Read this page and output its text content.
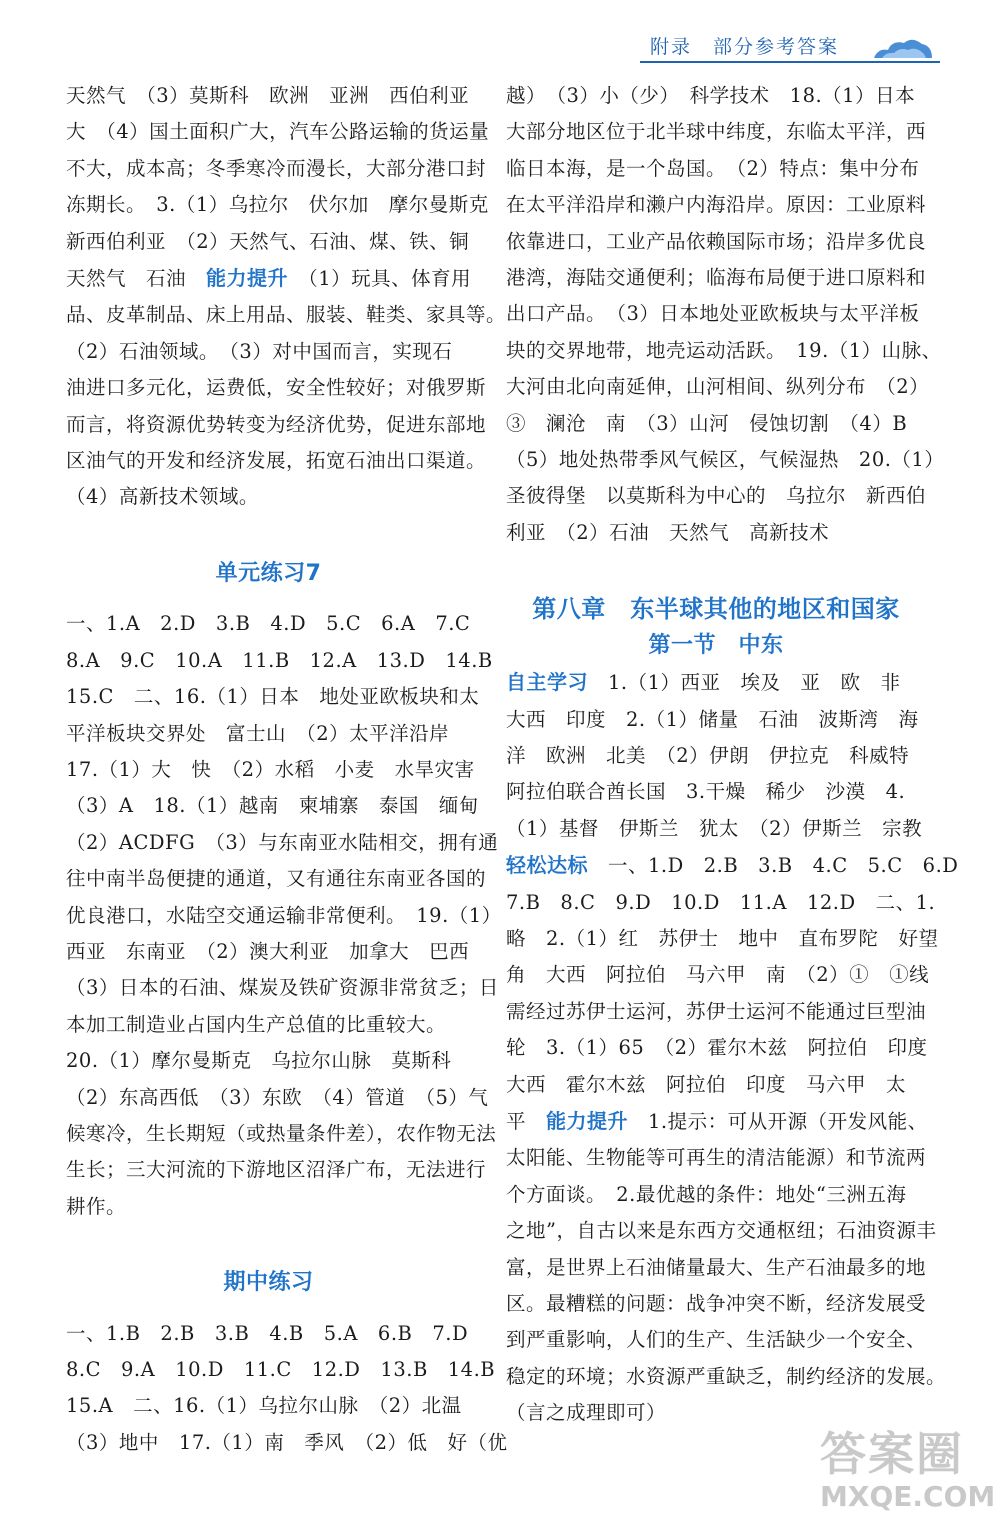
附录　部分参考答案

天然气　（3）莫斯科　欧洲　亚洲　西伯利亚

大　（4）国土面积广大，汽车公路运输的货运量

不大，成本高；冬季寒冷而漫长，大部分港口封

冻期长。　3.（1）乌拉尔　伏尔加　摩尔曼斯克

新西伯利亚　（2）天然气、石油、煤、铁、铜

天然气　石油　能力提升　（1）玩具、体育用

品、皮革制品、床上用品、服装、鞋类、家具等。

（2）石油领域。　（3）对中国而言，实现石

油进口多元化，运费低，安全性较好；对俄罗斯

而言，将资源优势转变为经济优势，促进东部地

区油气的开发和经济发展，拓宽石油出口渠道。

（4）高新技术领域。

单元练习7

一、1.A　2.D　3.B　4.D　5.C　6.A　7.C

8.A　9.C　10.A　11.B　12.A　13.D　14.B

15.C　二、16.（1）日本　地处亚欧板块和太

平洋板块交界处　富士山　（2）太平洋沿岸

17.（1）大　快　（2）水稻　小麦　水旱灾害

（3）A　18.（1）越南　柬埔寨　泰国　缅甸

（2）ACDFG　（3）与东南亚水陆相交，拥有通

往中南半岛便捷的通道，又有通往东南亚各国的

优良港口，水陆空交通运输非常便利。　19.（1）

西亚　东南亚　（2）澳大利亚　加拿大　巴西

（3）日本的石油、煤炭及铁矿资源非常贫乏；日

本加工制造业占国内生产总值的比重较大。

20.（1）摩尔曼斯克　乌拉尔山脉　莫斯科

（2）东高西低　（3）东欧　（4）管道　（5）气

候寒冷，生长期短（或热量条件差），农作物无法

生长；三大河流的下游地区沼泽广布，无法进行

耕作。

期中练习

一、1.B　2.B　3.B　4.B　5.A　6.B　7.D

8.C　9.A　10.D　11.C　12.D　13.B　14.B

15.A　二、16.（1）乌拉尔山脉　（2）北温

（3）地中　17.（1）南　季风　（2）低　好（优

越）　（3）小（少）　科学技术　18.（1）日本

大部分地区位于北半球中纬度，东临太平洋，西

临日本海，是一个岛国。　（2）特点：集中分布

在太平洋沿岸和濑户内海沿岸。原因：工业原料

依靠进口，工业产品依赖国际市场；沿岸多优良

港湾，海陆交通便利；临海布局便于进口原料和

出口产品。　（3）日本地处亚欧板块与太平洋板

块的交界地带，地壳运动活跃。　19.（1）山脉、

大河由北向南延伸，山河相间、纵列分布　（2）

③　澜沧　南　（3）山河　侵蚀切割　（4）B

（5）地处热带季风气候区，气候湿热　20.（1）

圣彼得堡　以莫斯科为中心的　乌拉尔　新西伯

利亚　（2）石油　天然气　高新技术

第八章　东半球其他的地区和国家

第一节　中东

自主学习　1.（1）西亚　埃及　亚　欧　非

大西　印度　2.（1）储量　石油　波斯湾　海

洋　欧洲　北美　（2）伊朗　伊拉克　科威特

阿拉伯联合酋长国　3.干燥　稀少　沙漠　4.

（1）基督　伊斯兰　犹太　（2）伊斯兰　宗教

轻松达标　一、1.D　2.B　3.B　4.C　5.C　6.D

7.B　8.C　9.D　10.D　11.A　12.D　二、1.

略　2.（1）红　苏伊士　地中　直布罗陀　好望

角　大西　阿拉伯　马六甲　南　（2）①　①线

需经过苏伊士运河，苏伊士运河不能通过巨型油

轮　3.（1）65　（2）霍尔木兹　阿拉伯　印度

大西　霍尔木兹　阿拉伯　印度　马六甲　太

平　能力提升　1.提示：可从开源（开发风能、

太阳能、生物能等可再生的清洁能源）和节流两

个方面谈。　2.最优越的条件：地处“三洲五海

之地”，自古以来是东西方交通枢纽；石油资源丰

富，是世界上石油储量最大、生产石油最多的地

区。最糟糕的问题：战争冲突不断，经济发展受

到严重影响，人们的生产、生活缺少一个安全、

稳定的环境；水资源严重缺乏，制约经济的发展。

（言之成理即可）

答案圈
MXQE.COM
